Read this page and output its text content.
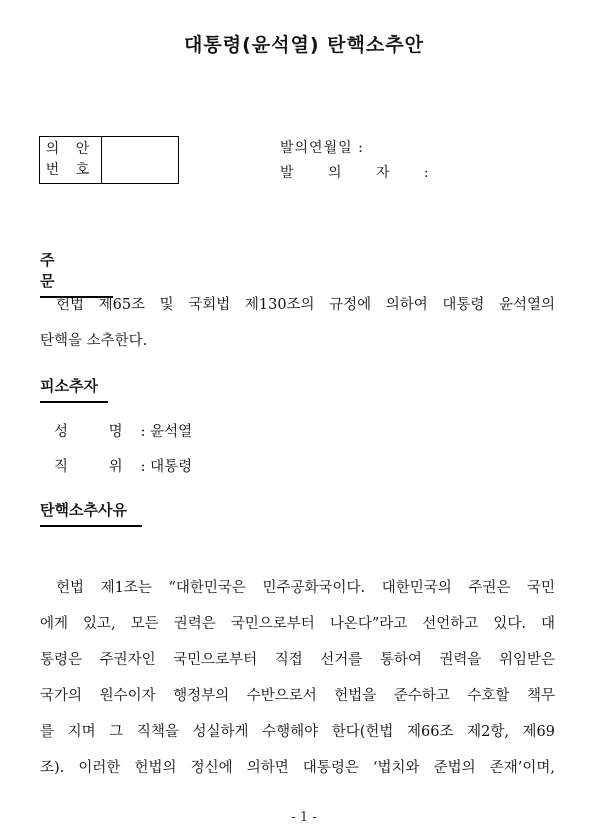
대통령(윤석열) 탄핵소추안
의 안
번 호
발의연월일 :
발 의 자 :
주 문

헌법 제65조 및 국회법 제130조의 규정에 의하여 대통령 윤석열의

탄핵을 소추한다.

피소추자
성 명: 윤석열
직 위: 대통령
탄핵소추사유

헌법 제1조는 “대한민국은 민주공화국이다. 대한민국의 주권은 국민

에게 있고, 모든 권력은 국민으로부터 나온다”라고 선언하고 있다. 대

통령은 주권자인 국민으로부터 직접 선거를 통하여 권력을 위임받은

국가의 원수이자 행정부의 수반으로서 헌법을 준수하고 수호할 책무

를 지며 그 직책을 성실하게 수행해야 한다(헌법 제66조 제2항, 제69

조). 이러한 헌법의 정신에 의하면 대통령은 ‘법치와 준법의 존재’이며,

- 1 -
